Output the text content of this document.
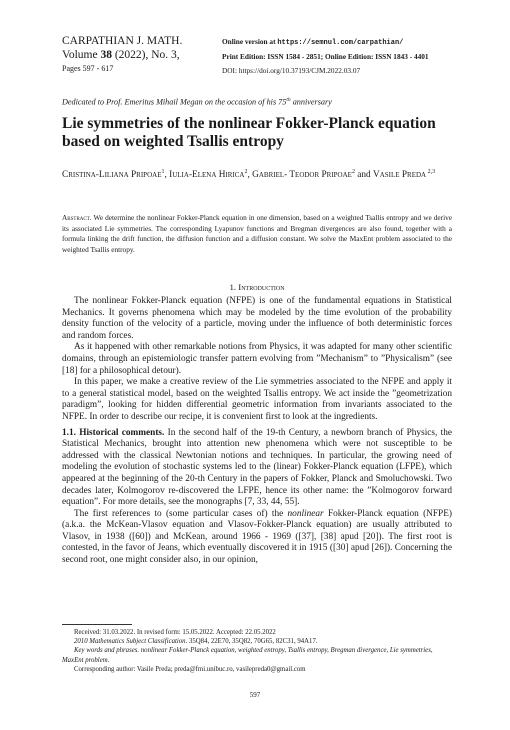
CARPATHIAN J. MATH.
Volume 38 (2022), No. 3,
Pages 597 - 617
Online version at https://semnul.com/carpathian/
Print Edition: ISSN 1584 - 2851; Online Edition: ISSN 1843 - 4401
DOI: https://doi.org/10.37193/CJM.2022.03.07
Dedicated to Prof. Emeritus Mihail Megan on the occasion of his 75th anniversary
Lie symmetries of the nonlinear Fokker-Planck equation based on weighted Tsallis entropy
Cristina-Liliana Pripoae$^1$, Iulia-Elena Hirica$^2$, Gabriel- Teodor Pripoae$^2$ and Vasile Preda $^{2,3}$
Abstract. We determine the nonlinear Fokker-Planck equation in one dimension, based on a weighted Tsallis entropy and we derive its associated Lie symmetries. The corresponding Lyapunov functions and Bregman divergences are also found, together with a formula linking the drift function, the diffusion function and a diffusion constant. We solve the MaxEnt problem associated to the weighted Tsallis entropy.
1. Introduction

The nonlinear Fokker-Planck equation (NFPE) is one of the fundamental equations in Statistical Mechanics. It governs phenomena which may be modeled by the time evolution of the probability density function of the velocity of a particle, moving under the influence of both deterministic forces and random forces.

As it happened with other remarkable notions from Physics, it was adapted for many other scientific domains, through an epistemiologic transfer pattern evolving from ”Mechanism” to ”Physicalism” (see [18] for a philosophical detour).

In this paper, we make a creative review of the Lie symmetries associated to the NFPE and apply it to a general statistical model, based on the weighted Tsallis entropy. We act inside the ”geometrization paradigm”, looking for hidden differential geometric information from invariants associated to the NFPE. In order to describe our recipe, it is convenient first to look at the ingredients.

1.1. Historical comments. In the second half of the 19-th Century, a newborn branch of Physics, the Statistical Mechanics, brought into attention new phenomena which were not susceptible to be addressed with the classical Newtonian notions and techniques. In particular, the growing need of modeling the evolution of stochastic systems led to the (linear) Fokker-Planck equation (LFPE), which appeared at the beginning of the 20-th Century in the papers of Fokker, Planck and Smoluchowski. Two decades later, Kolmogorov re-discovered the LFPE, hence its other name: the ”Kolmogorov forward equation”. For more details, see the monographs [7, 33, 44, 55].

The first references to (some particular cases of) the nonlinear Fokker-Planck equation (NFPE) (a.k.a. the McKean-Vlasov equation and Vlasov-Fokker-Planck equation) are usually attributed to Vlasov, in 1938 ([60]) and McKean, around 1966 - 1969 ([37], [38] apud [20]). The first root is contested, in the favor of Jeans, which eventually discovered it in 1915 ([30] apud [26]). Concerning the second root, one might consider also, in our opinion,

Received: 31.03.2022. In revised form: 15.05.2022. Accepted: 22.05.2022
2010 Mathematics Subject Classification. 35Q84, 22E70, 35Q82, 70G65, 82C31, 94A17.
Key words and phrases. nonlinear Fokker-Planck equation, weighted entropy, Tsallis entropy, Bregman divergence, Lie symmetries, MaxEnt problem.
Corresponding author: Vasile Preda; preda@fmi.unibuc.ro, vasilepreda0@gmail.com
597
